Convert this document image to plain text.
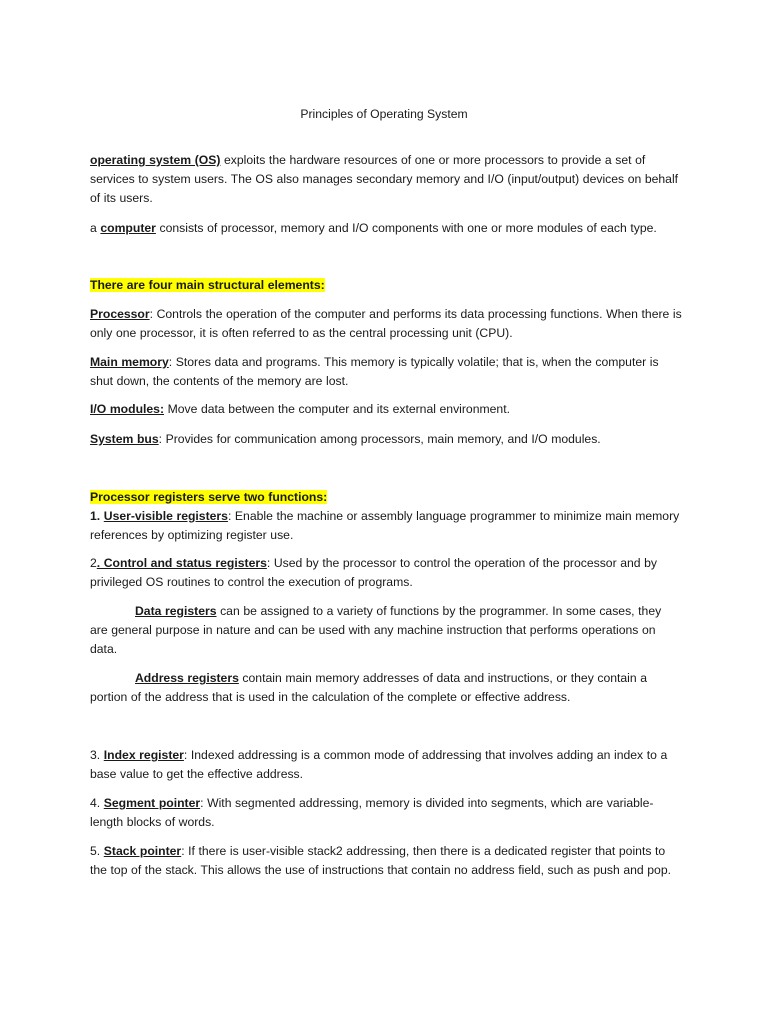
Principles of Operating System

operating system (OS) exploits the hardware resources of one or more processors to provide a set of services to system users. The OS also manages secondary memory and I/O (input/output) devices on behalf of its users.

a computer consists of processor, memory and I/O components with one or more modules of each type.

There are four main structural elements:

Processor: Controls the operation of the computer and performs its data processing functions. When there is only one processor, it is often referred to as the central processing unit (CPU).

Main memory: Stores data and programs. This memory is typically volatile; that is, when the computer is shut down, the contents of the memory are lost.

I/O modules: Move data between the computer and its external environment.

System bus: Provides for communication among processors, main memory, and I/O modules.

Processor registers serve two functions:

1. User-visible registers: Enable the machine or assembly language programmer to minimize main memory references by optimizing register use.

2. Control and status registers: Used by the processor to control the operation of the processor and by privileged OS routines to control the execution of programs.

Data registers can be assigned to a variety of functions by the programmer. In some cases, they are general purpose in nature and can be used with any machine instruction that performs operations on data.

Address registers contain main memory addresses of data and instructions, or they contain a portion of the address that is used in the calculation of the complete or effective address.

3. Index register: Indexed addressing is a common mode of addressing that involves adding an index to a base value to get the effective address.

4. Segment pointer: With segmented addressing, memory is divided into segments, which are variable-length blocks of words.

5. Stack pointer: If there is user-visible stack2 addressing, then there is a dedicated register that points to the top of the stack. This allows the use of instructions that contain no address field, such as push and pop.
